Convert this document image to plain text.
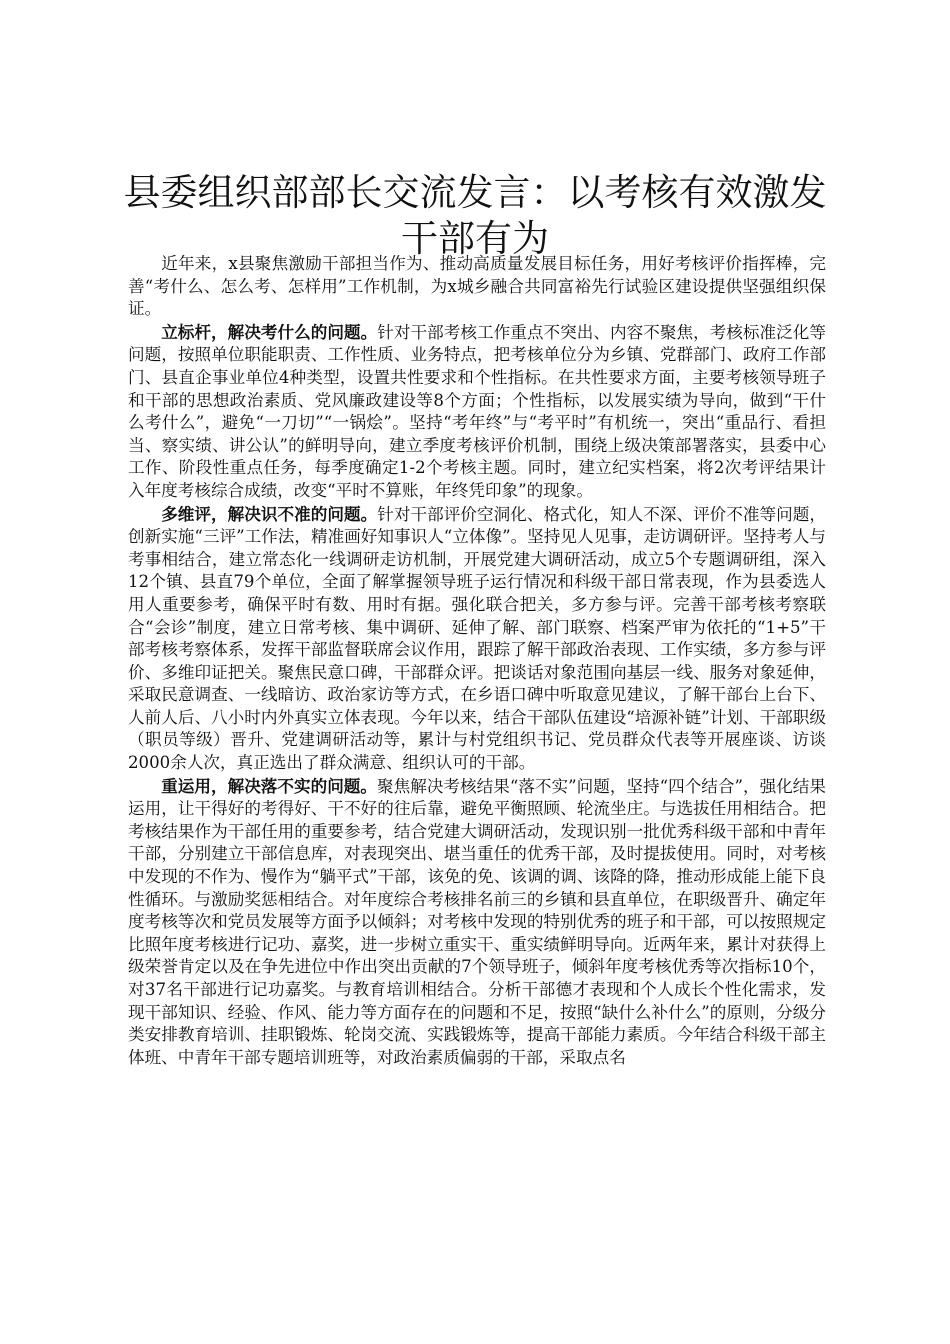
县委组织部部长交流发言：以考核有效激发干部有为

近年来，x县聚焦激励干部担当作为、推动高质量发展目标任务，用好考核评价指挥棒，完善“考什么、怎么考、怎样用”工作机制，为x城乡融合共同富裕先行试验区建设提供坚强组织保证。

立标杆，解决考什么的问题。针对干部考核工作重点不突出、内容不聚焦，考核标准泛化等问题，按照单位职能职责、工作性质、业务特点，把考核单位分为乡镇、党群部门、政府工作部门、县直企事业单位4种类型，设置共性要求和个性指标。在共性要求方面，主要考核领导班子和干部的思想政治素质、党风廉政建设等8个方面；个性指标，以发展实绩为导向，做到“干什么考什么”，避免“一刀切”“一锅烩”。坚持“考年终”与“考平时”有机统一，突出“重品行、看担当、察实绩、讲公认”的鲜明导向，建立季度考核评价机制，围绕上级决策部署落实，县委中心工作、阶段性重点任务，每季度确定1-2个考核主题。同时，建立纪实档案，将2次考评结果计入年度考核综合成绩，改变“平时不算账，年终凭印象”的现象。

多维评，解决识不准的问题。针对干部评价空洞化、格式化，知人不深、评价不准等问题，创新实施“三评”工作法，精准画好知事识人“立体像”。坚持见人见事，走访调研评。坚持考人与考事相结合，建立常态化一线调研走访机制，开展党建大调研活动，成立5个专题调研组，深入12个镇、县直79个单位，全面了解掌握领导班子运行情况和科级干部日常表现，作为县委选人用人重要参考，确保平时有数、用时有据。强化联合把关，多方参与评。完善干部考核考察联合“会诊”制度，建立日常考核、集中调研、延伸了解、部门联察、档案严审为依托的“1+5”干部考核考察体系，发挥干部监督联席会议作用，跟踪了解干部政治表现、工作实绩，多方参与评价、多维印证把关。聚焦民意口碑，干部群众评。把谈话对象范围向基层一线、服务对象延伸，采取民意调查、一线暗访、政治家访等方式，在乡语口碑中听取意见建议，了解干部台上台下、人前人后、八小时内外真实立体表现。今年以来，结合干部队伍建设“培源补链”计划、干部职级（职员等级）晋升、党建调研活动等，累计与村党组织书记、党员群众代表等开展座谈、访谈2000余人次，真正选出了群众满意、组织认可的干部。

重运用，解决落不实的问题。聚焦解决考核结果“落不实”问题，坚持“四个结合”，强化结果运用，让干得好的考得好、干不好的往后靠，避免平衡照顾、轮流坐庄。与选拔任用相结合。把考核结果作为干部任用的重要参考，结合党建大调研活动，发现识别一批优秀科级干部和中青年干部，分别建立干部信息库，对表现突出、堪当重任的优秀干部，及时提拔使用。同时，对考核中发现的不作为、慢作为“躺平式”干部，该免的免、该调的调、该降的降，推动形成能上能下良性循环。与激励奖惩相结合。对年度综合考核排名前三的乡镇和县直单位，在职级晋升、确定年度考核等次和党员发展等方面予以倾斜；对考核中发现的特别优秀的班子和干部，可以按照规定比照年度考核进行记功、嘉奖，进一步树立重实干、重实绩鲜明导向。近两年来，累计对获得上级荣誉肯定以及在争先进位中作出突出贡献的7个领导班子，倾斜年度考核优秀等次指标10个，对37名干部进行记功嘉奖。与教育培训相结合。分析干部德才表现和个人成长个性化需求，发现干部知识、经验、作风、能力等方面存在的问题和不足，按照“缺什么补什么”的原则，分级分类安排教育培训、挂职锻炼、轮岗交流、实践锻炼等，提高干部能力素质。今年结合科级干部主体班、中青年干部专题培训班等，对政治素质偏弱的干部，采取点名
